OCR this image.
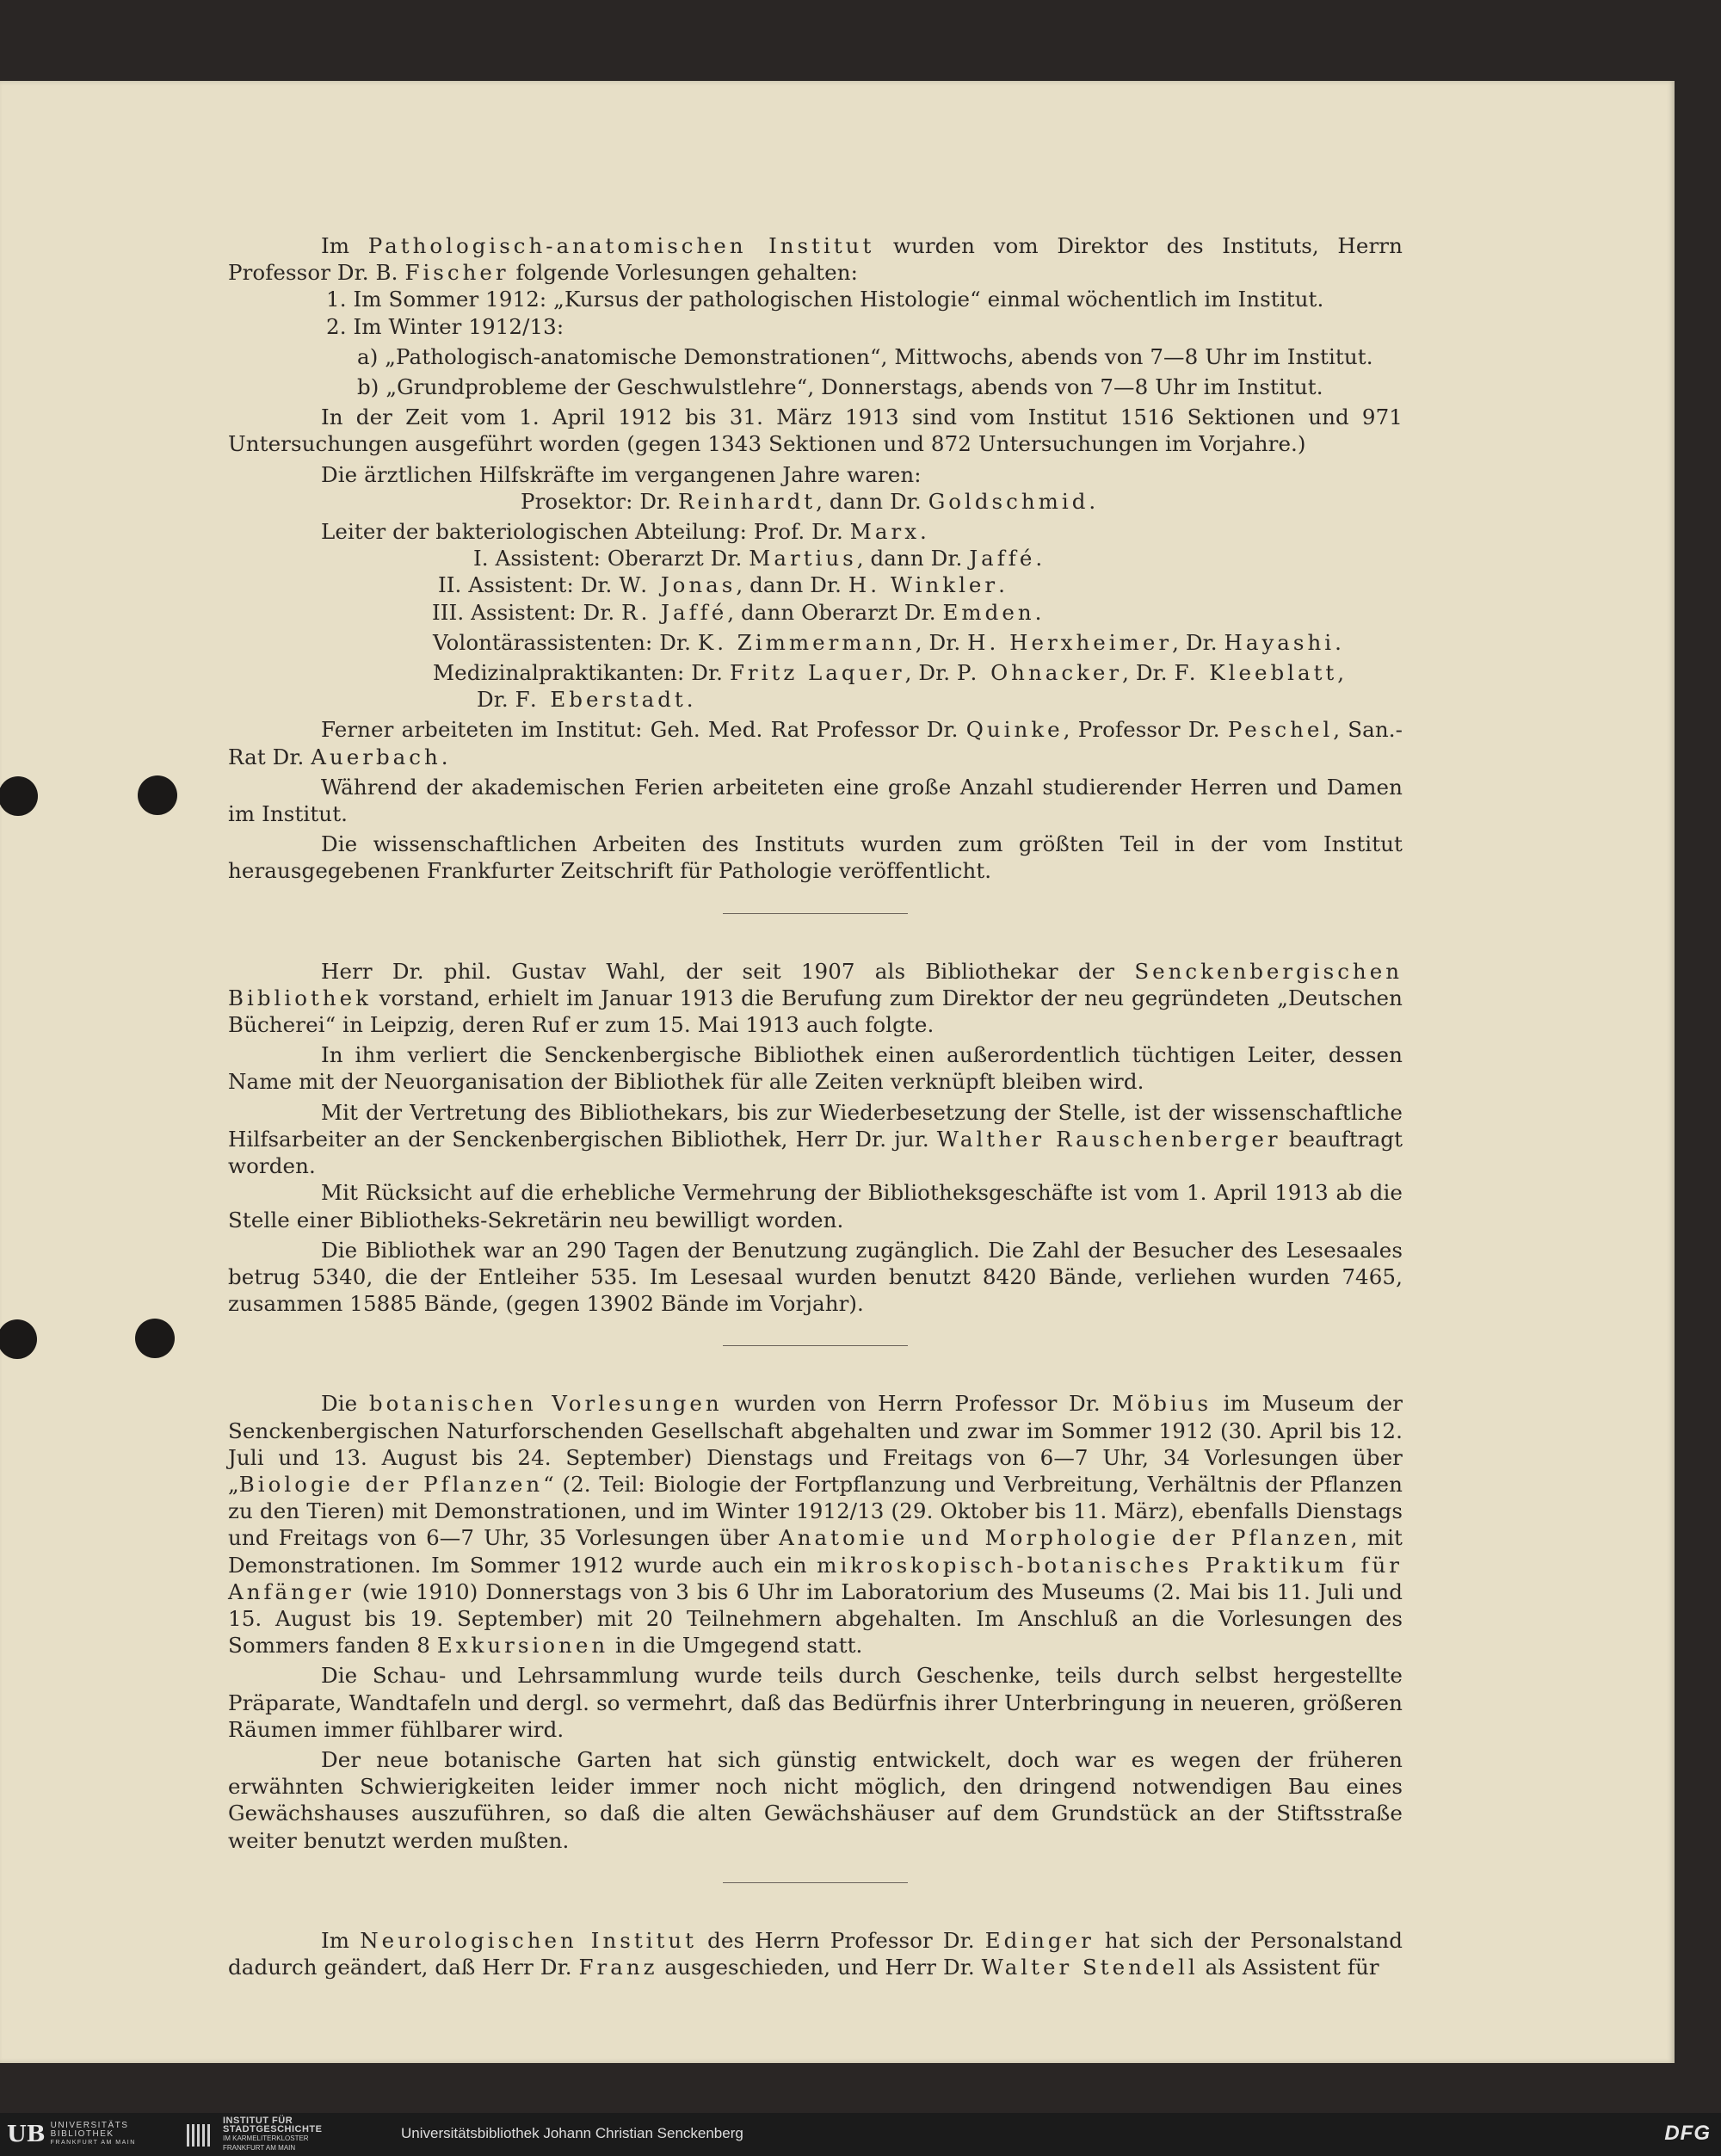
Im Pathologisch-anatomischen Institut wurden vom Direktor des Instituts, Herrn Professor Dr. B. Fischer folgende Vorlesungen gehalten:

1. Im Sommer 1912: „Kursus der pathologischen Histologie“ einmal wöchentlich im Institut.

2. Im Winter 1912/13:

a) „Pathologisch-anatomische Demonstrationen“, Mittwochs, abends von 7—8 Uhr im Institut.

b) „Grundprobleme der Geschwulstlehre“, Donnerstags, abends von 7—8 Uhr im Institut.

In der Zeit vom 1. April 1912 bis 31. März 1913 sind vom Institut 1516 Sektionen und 971 Untersuchungen ausgeführt worden (gegen 1343 Sektionen und 872 Untersuchungen im Vorjahre.)

Die ärztlichen Hilfskräfte im vergangenen Jahre waren:

Prosektor: Dr. Reinhardt, dann Dr. Goldschmid.

Leiter der bakteriologischen Abteilung: Prof. Dr. Marx.

I. Assistent: Oberarzt Dr. Martius, dann Dr. Jaffé.

II. Assistent: Dr. W. Jonas, dann Dr. H. Winkler.

III. Assistent: Dr. R. Jaffé, dann Oberarzt Dr. Emden.

Volontärassistenten: Dr. K. Zimmermann, Dr. H. Herxheimer, Dr. Hayashi.

Medizinalpraktikanten: Dr. Fritz Laquer, Dr. P. Ohnacker, Dr. F. Kleeblatt,

Dr. F. Eberstadt.

Ferner arbeiteten im Institut: Geh. Med. Rat Professor Dr. Quinke, Professor Dr. Peschel, San.-Rat Dr. Auerbach.

Während der akademischen Ferien arbeiteten eine große Anzahl studierender Herren und Damen im Institut.

Die wissenschaftlichen Arbeiten des Instituts wurden zum größten Teil in der vom Institut herausgegebenen Frankfurter Zeitschrift für Pathologie veröffentlicht.

Herr Dr. phil. Gustav Wahl, der seit 1907 als Bibliothekar der Senckenbergischen Bibliothek vorstand, erhielt im Januar 1913 die Berufung zum Direktor der neu gegründeten „Deutschen Bücherei“ in Leipzig, deren Ruf er zum 15. Mai 1913 auch folgte.

In ihm verliert die Senckenbergische Bibliothek einen außerordentlich tüchtigen Leiter, dessen Name mit der Neuorganisation der Bibliothek für alle Zeiten verknüpft bleiben wird.

Mit der Vertretung des Bibliothekars, bis zur Wiederbesetzung der Stelle, ist der wissenschaftliche Hilfsarbeiter an der Senckenbergischen Bibliothek, Herr Dr. jur. Walther Rauschenberger beauftragt worden.

Mit Rücksicht auf die erhebliche Vermehrung der Bibliotheksgeschäfte ist vom 1. April 1913 ab die Stelle einer Bibliotheks-Sekretärin neu bewilligt worden.

Die Bibliothek war an 290 Tagen der Benutzung zugänglich. Die Zahl der Besucher des Lesesaales betrug 5340, die der Entleiher 535. Im Lesesaal wurden benutzt 8420 Bände, verliehen wurden 7465, zusammen 15885 Bände, (gegen 13902 Bände im Vorjahr).

Die botanischen Vorlesungen wurden von Herrn Professor Dr. Möbius im Museum der Senckenbergischen Naturforschenden Gesellschaft abgehalten und zwar im Sommer 1912 (30. April bis 12. Juli und 13. August bis 24. September) Dienstags und Freitags von 6—7 Uhr, 34 Vorlesungen über „Biologie der Pflanzen“ (2. Teil: Biologie der Fortpflanzung und Verbreitung, Verhältnis der Pflanzen zu den Tieren) mit Demonstrationen, und im Winter 1912/13 (29. Oktober bis 11. März), ebenfalls Dienstags und Freitags von 6—7 Uhr, 35 Vorlesungen über Anatomie und Morphologie der Pflanzen, mit Demonstrationen. Im Sommer 1912 wurde auch ein mikroskopisch-botanisches Praktikum für Anfänger (wie 1910) Donnerstags von 3 bis 6 Uhr im Laboratorium des Museums (2. Mai bis 11. Juli und 15. August bis 19. September) mit 20 Teilnehmern abgehalten. Im Anschluß an die Vorlesungen des Sommers fanden 8 Exkursionen in die Umgegend statt.

Die Schau- und Lehrsammlung wurde teils durch Geschenke, teils durch selbst hergestellte Präparate, Wandtafeln und dergl. so vermehrt, daß das Bedürfnis ihrer Unterbringung in neueren, größeren Räumen immer fühlbarer wird.

Der neue botanische Garten hat sich günstig entwickelt, doch war es wegen der früheren erwähnten Schwierigkeiten leider immer noch nicht möglich, den dringend notwendigen Bau eines Gewächshauses auszuführen, so daß die alten Gewächshäuser auf dem Grundstück an der Stiftsstraße weiter benutzt werden mußten.

Im Neurologischen Institut des Herrn Professor Dr. Edinger hat sich der Personalstand dadurch geändert, daß Herr Dr. Franz ausgeschieden, und Herr Dr. Walter Stendell als Assistent für

UB UNIVERSITÄTS
BIBLIOTHEK
FRANKFURT AM MAIN
INSTITUT FÜR
STADTGESCHICHTE
IM KARMELITERKLOSTER
FRANKFURT AM MAIN
Universitätsbibliothek Johann Christian Senckenberg	DFG
